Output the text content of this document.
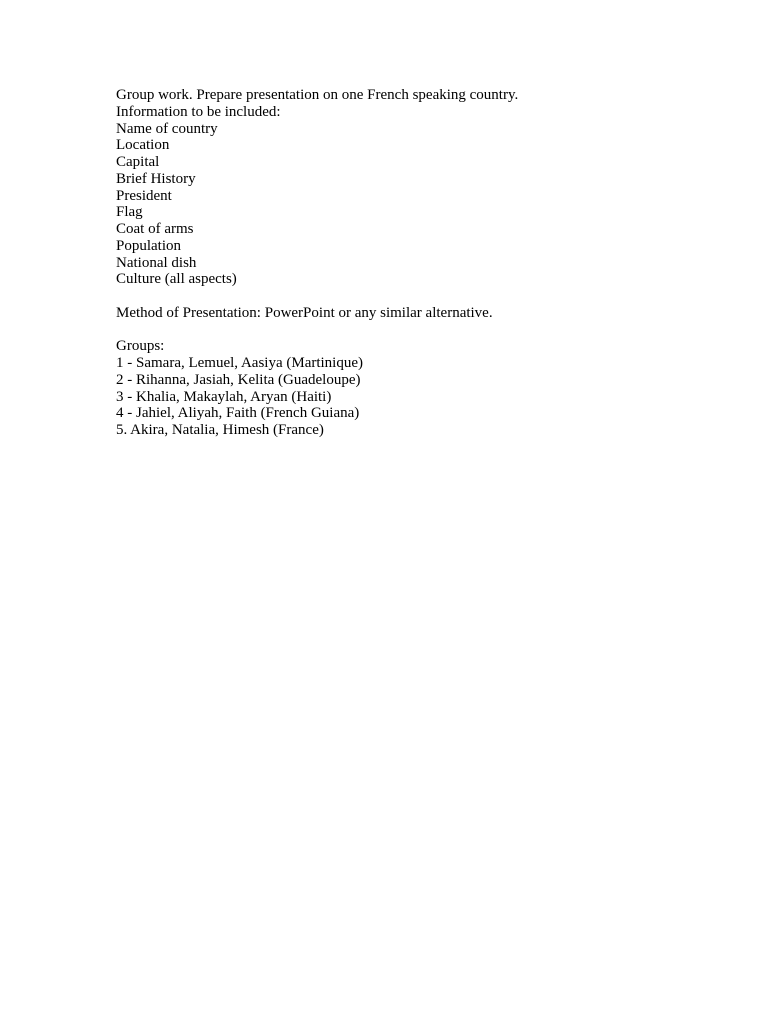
Group work. Prepare presentation on one French speaking country.
Information to be included:
Name of country
Location
Capital
Brief History
President
Flag
Coat of arms
Population
National dish
Culture (all aspects)
Method of Presentation: PowerPoint or any similar alternative.
Groups:
1 - Samara, Lemuel, Aasiya (Martinique)
2 - Rihanna, Jasiah, Kelita (Guadeloupe)
3 - Khalia, Makaylah, Aryan (Haiti)
4 - Jahiel, Aliyah, Faith (French Guiana)
5. Akira, Natalia, Himesh (France)
